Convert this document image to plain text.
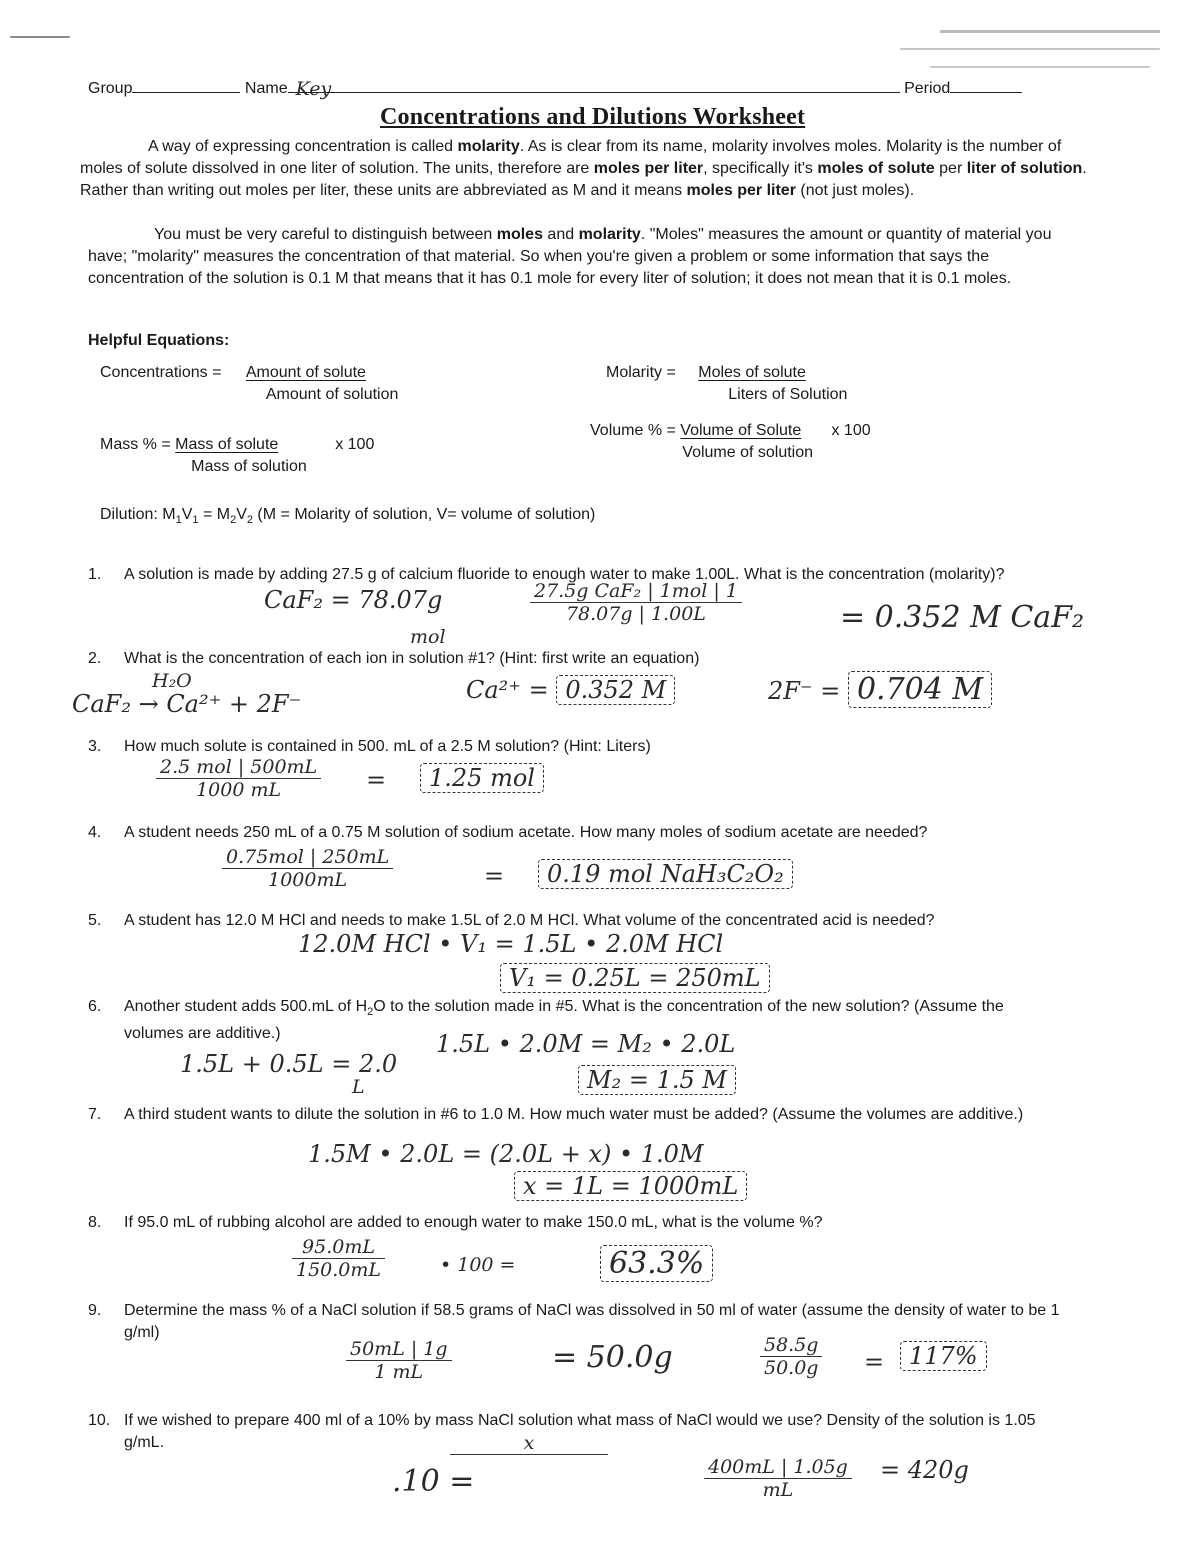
Group	Name Key	Period
Concentrations and Dilutions Worksheet
A way of expressing concentration is called molarity. As is clear from its name, molarity involves moles. Molarity is the number of moles of solute dissolved in one liter of solution. The units, therefore are moles per liter, specifically it's moles of solute per liter of solution. Rather than writing out moles per liter, these units are abbreviated as M and it means moles per liter (not just moles).
You must be very careful to distinguish between moles and molarity. "Moles" measures the amount or quantity of material you have; "molarity" measures the concentration of that material. So when you're given a problem or some information that says the concentration of the solution is 0.1 M that means that it has 0.1 mole for every liter of solution; it does not mean that it is 0.1 moles.
Helpful Equations:
Concentrations =	Amount of solute
Amount of solution
Molarity =	Moles of solute
Liters of Solution
Volume % = Volume of Solute
Volume of solution
x 100
Mass % = Mass of solute
Mass of solution
x 100
Dilution: $M_1V_1 = M_2V_2$ (M = Molarity of solution, V= volume of solution)
1.	A solution is made by adding 27.5 g of calcium fluoride to enough water to make 1.00L. What is the concentration (molarity)?
2.	What is the concentration of each ion in solution #1? (Hint: first write an equation)
3.	How much solute is contained in 500. mL of a 2.5 M solution? (Hint: Liters)
4.	A student needs 250 mL of a 0.75 M solution of sodium acetate. How many moles of sodium acetate are needed?
5.	A student has 12.0 M HCl and needs to make 1.5L of 2.0 M HCl. What volume of the concentrated acid is needed?
6.	Another student adds 500.mL of $H_2O$ to the solution made in #5. What is the concentration of the new solution? (Assume the volumes are additive.)
7.	A third student wants to dilute the solution in #6 to 1.0 M. How much water must be added? (Assume the volumes are additive.)
8.	If 95.0 mL of rubbing alcohol are added to enough water to make 150.0 mL, what is the volume %?
9.	Determine the mass % of a NaCl solution if 58.5 grams of NaCl was dissolved in 50 ml of water (assume the density of water to be 1 g/ml)
10. If we wished to prepare 400 ml of a 10% by mass NaCl solution what mass of NaCl would we use? Density of the solution is 1.05 g/mL.
CaF₂ = 78.07g
mol
27.5g CaF₂ | 1mol | 1
78.07g | 1.00L	= 0.352 M CaF₂
H₂O
CaF₂ → Ca²⁺ + 2F⁻	Ca²⁺ = 0.352 M	2F⁻ = 0.704 M
2.5 mol | 500mL
1000 mL	=	1.25 mol
0.75mol | 250mL
1000mL	=	0.19 mol NaH₃C₂O₂
12.0M HCl • V₁ = 1.5L • 2.0M HCl
V₁ = 0.25L = 250mL
1.5L + 0.5L = 2.0
L
1.5L • 2.0M = M₂ • 2.0L
M₂ = 1.5 M
1.5M • 2.0L = (2.0L + x) • 1.0M
x = 1L = 1000mL
$\frac{95.0mL}{150.0mL}$	• 100 =	63.3%
$\frac{50mL | 1g}{1 mL}$	= 50.0g	$\frac{58.5g}{50.0g}$ =	117%
.10 =
x
$\frac{400mL | 1.05g}{mL} = 420g$
